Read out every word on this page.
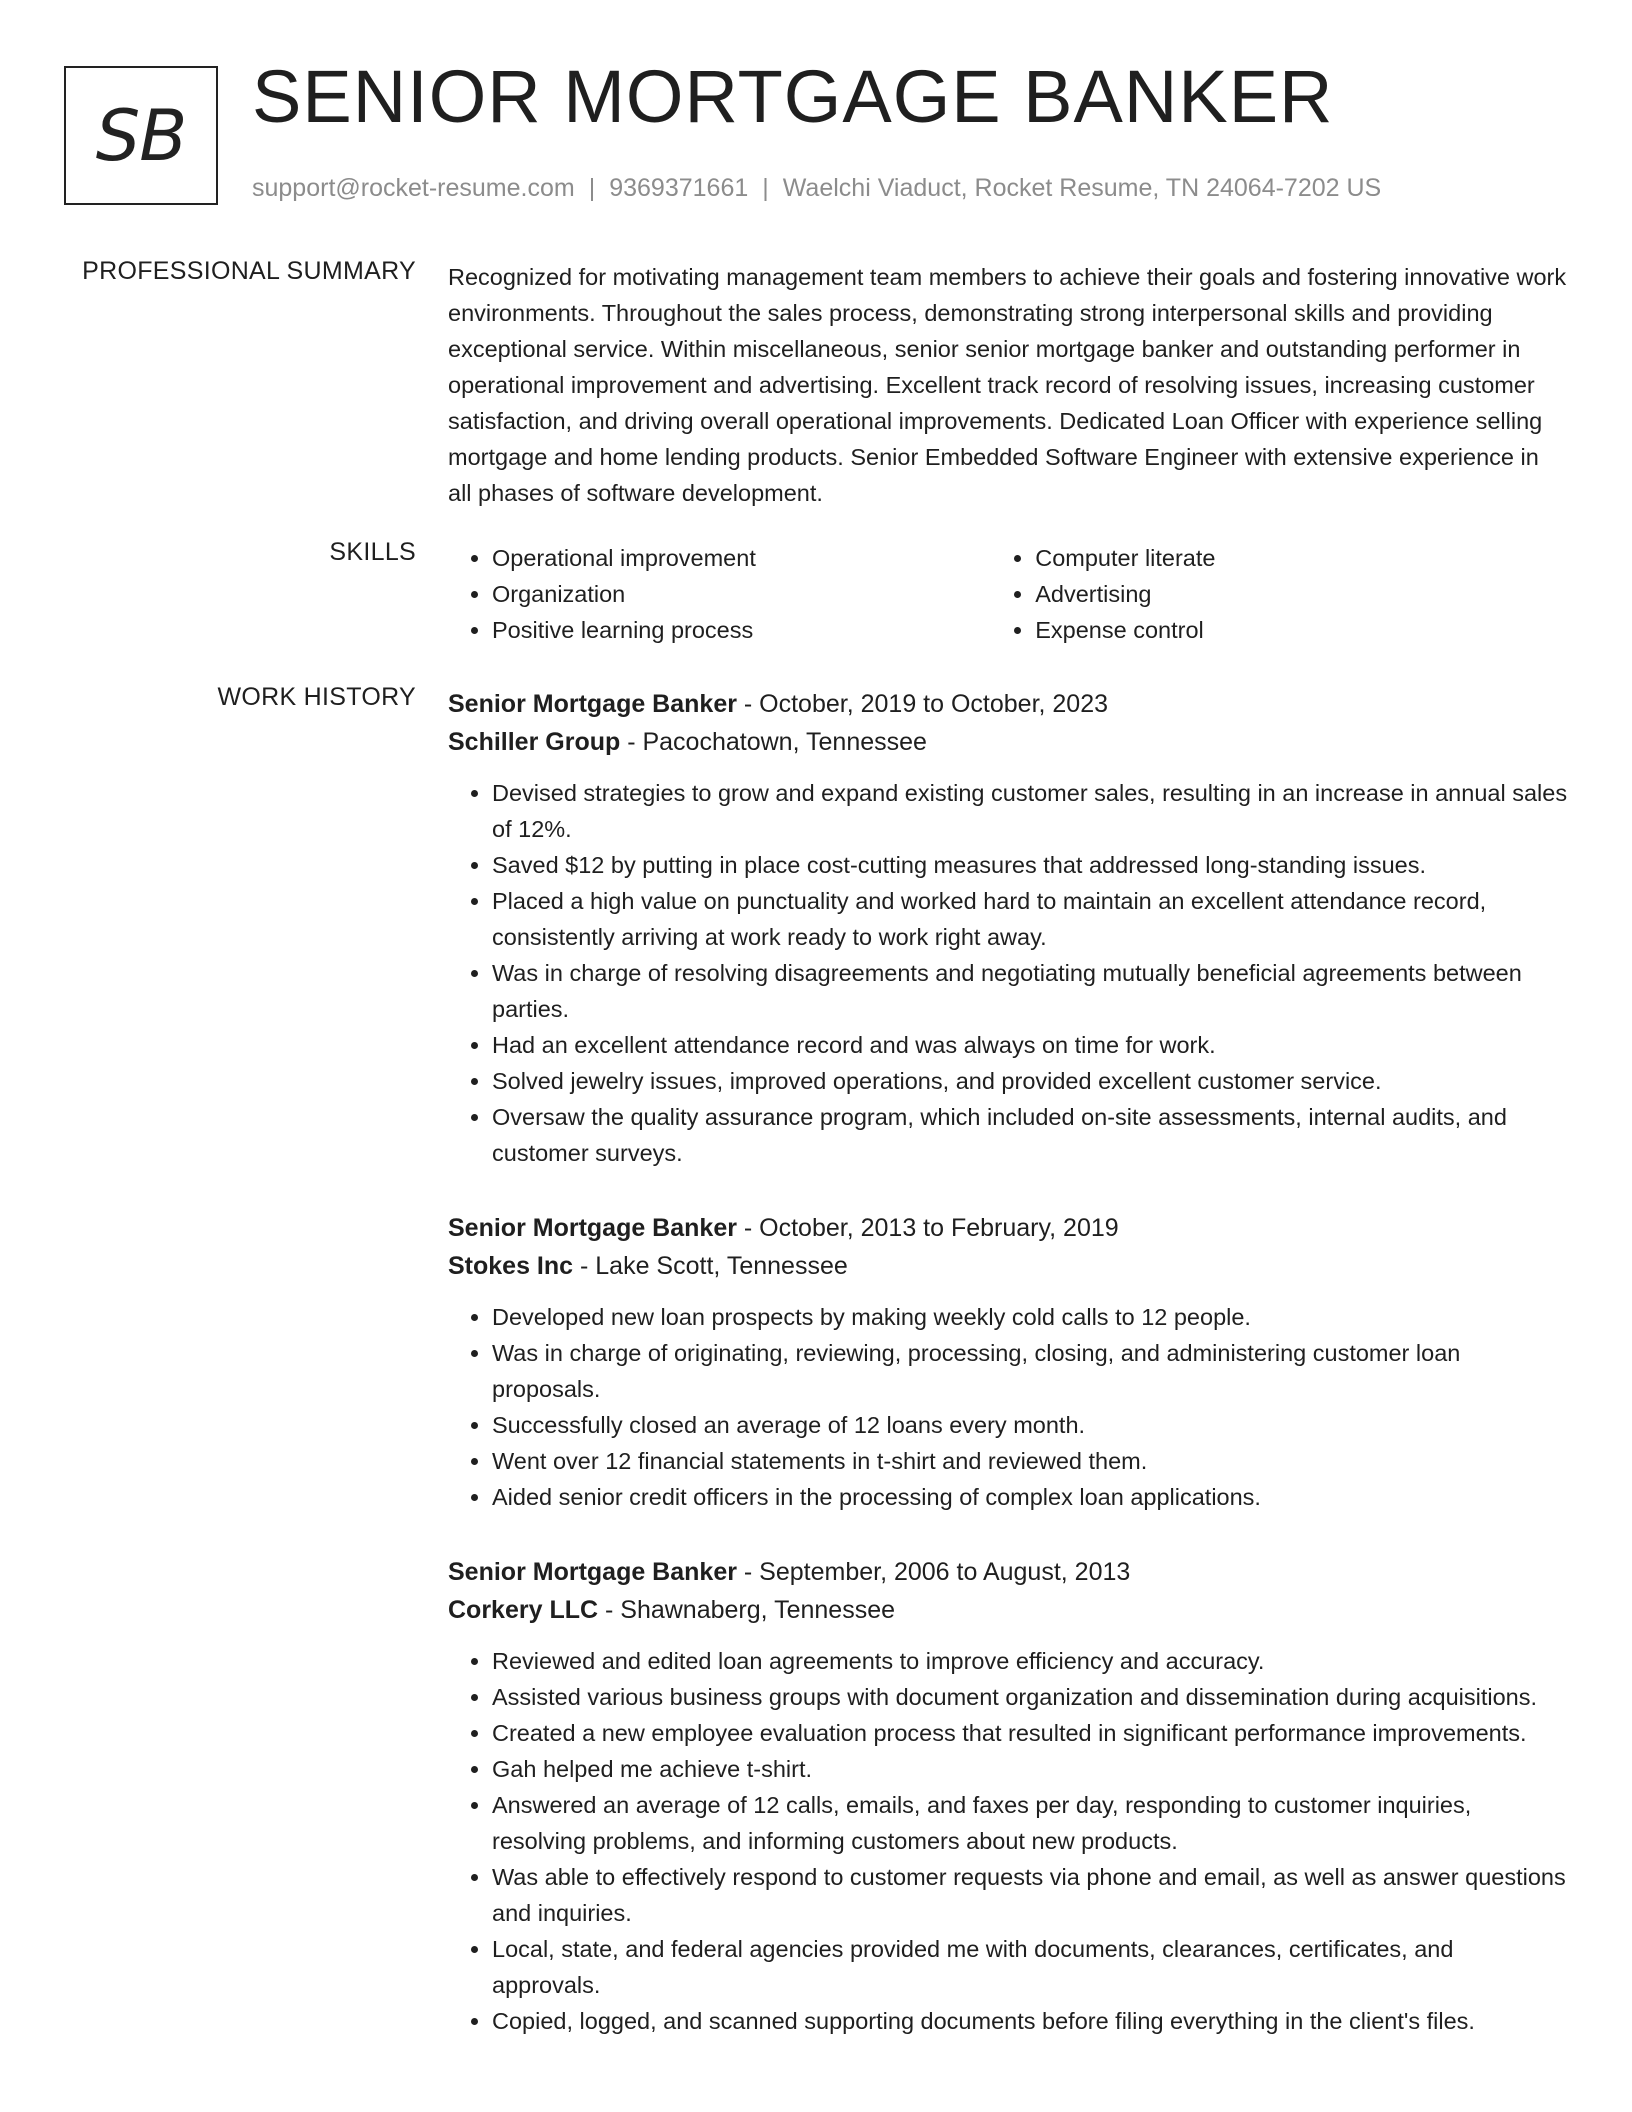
SB SENIOR MORTGAGE BANKER
support@rocket-resume.com | 9369371661 | Waelchi Viaduct, Rocket Resume, TN 24064-7202 US
PROFESSIONAL SUMMARY Recognized for motivating management team members to achieve their goals and fostering innovative work environments. Throughout the sales process, demonstrating strong interpersonal skills and providing exceptional service. Within miscellaneous, senior senior mortgage banker and outstanding performer in operational improvement and advertising. Excellent track record of resolving issues, increasing customer satisfaction, and driving overall operational improvements. Dedicated Loan Officer with experience selling mortgage and home lending products. Senior Embedded Software Engineer with extensive experience in all phases of software development.
SKILLS
•	Operational improvement
• Organization
• Positive learning process
• Computer literate
• Advertising
• Expense control
WORK HISTORY Senior Mortgage Banker - October, 2019 to October, 2023
Schiller Group - Pacochatown, Tennessee
• Devised strategies to grow and expand existing customer sales, resulting in an increase in annual sales of 12%.
• Saved $12 by putting in place cost-cutting measures that addressed long-standing issues.
• Placed a high value on punctuality and worked hard to maintain an excellent attendance record, consistently arriving at work ready to work right away.
• Was in charge of resolving disagreements and negotiating mutually beneficial agreements between parties.
• Had an excellent attendance record and was always on time for work.
• Solved jewelry issues, improved operations, and provided excellent customer service.
• Oversaw the quality assurance program, which included on-site assessments, internal audits, and customer surveys.
Senior Mortgage Banker - October, 2013 to February, 2019
Stokes Inc - Lake Scott, Tennessee
• Developed new loan prospects by making weekly cold calls to 12 people.
• Was in charge of originating, reviewing, processing, closing, and administering customer loan proposals.
• Successfully closed an average of 12 loans every month.
• Went over 12 financial statements in t-shirt and reviewed them.
• Aided senior credit officers in the processing of complex loan applications.
Senior Mortgage Banker - September, 2006 to August, 2013
Corkery LLC - Shawnaberg, Tennessee
• Reviewed and edited loan agreements to improve efficiency and accuracy.
• Assisted various business groups with document organization and dissemination during acquisitions.
• Created a new employee evaluation process that resulted in significant performance improvements.
• Gah helped me achieve t-shirt.
• Answered an average of 12 calls, emails, and faxes per day, responding to customer inquiries, resolving problems, and informing customers about new products.
• Was able to effectively respond to customer requests via phone and email, as well as answer questions and inquiries.
• Local, state, and federal agencies provided me with documents, clearances, certificates, and approvals.
• Copied, logged, and scanned supporting documents before filing everything in the client's files.
